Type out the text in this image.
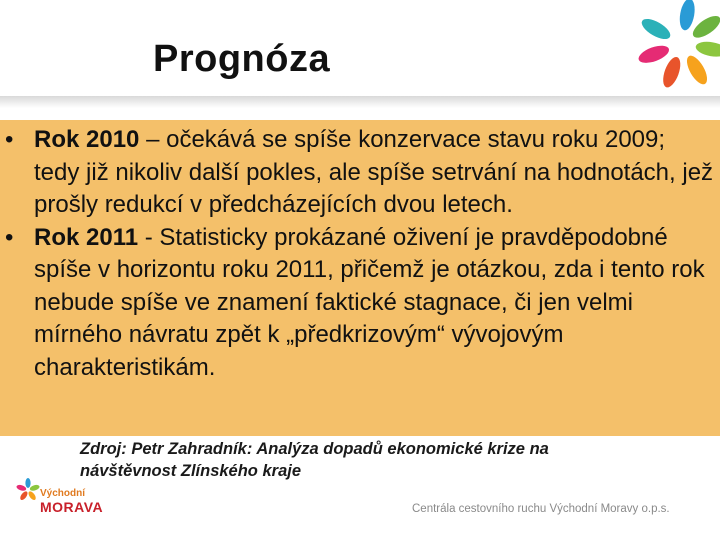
Prognóza
• Rok 2010 – očekává se spíše konzervace stavu roku 2009; tedy již nikoliv další pokles, ale spíše setrvání na hodnotách, jež prošly redukcí v předcházejících dvou letech.
• Rok 2011 - Statisticky prokázané oživení je pravděpodobné spíše v horizontu roku 2011, přičemž je otázkou, zda i tento rok nebude spíše ve znamení faktické stagnace, či jen velmi mírného návratu zpět k „předkrizovým“ vývojovým charakteristikám.
Zdroj: Petr Zahradník: Analýza dopadů ekonomické krize na
návštěvnost Zlínského kraje
Východní
MORAVA	Centrála cestovního ruchu Východní Moravy o.p.s.
